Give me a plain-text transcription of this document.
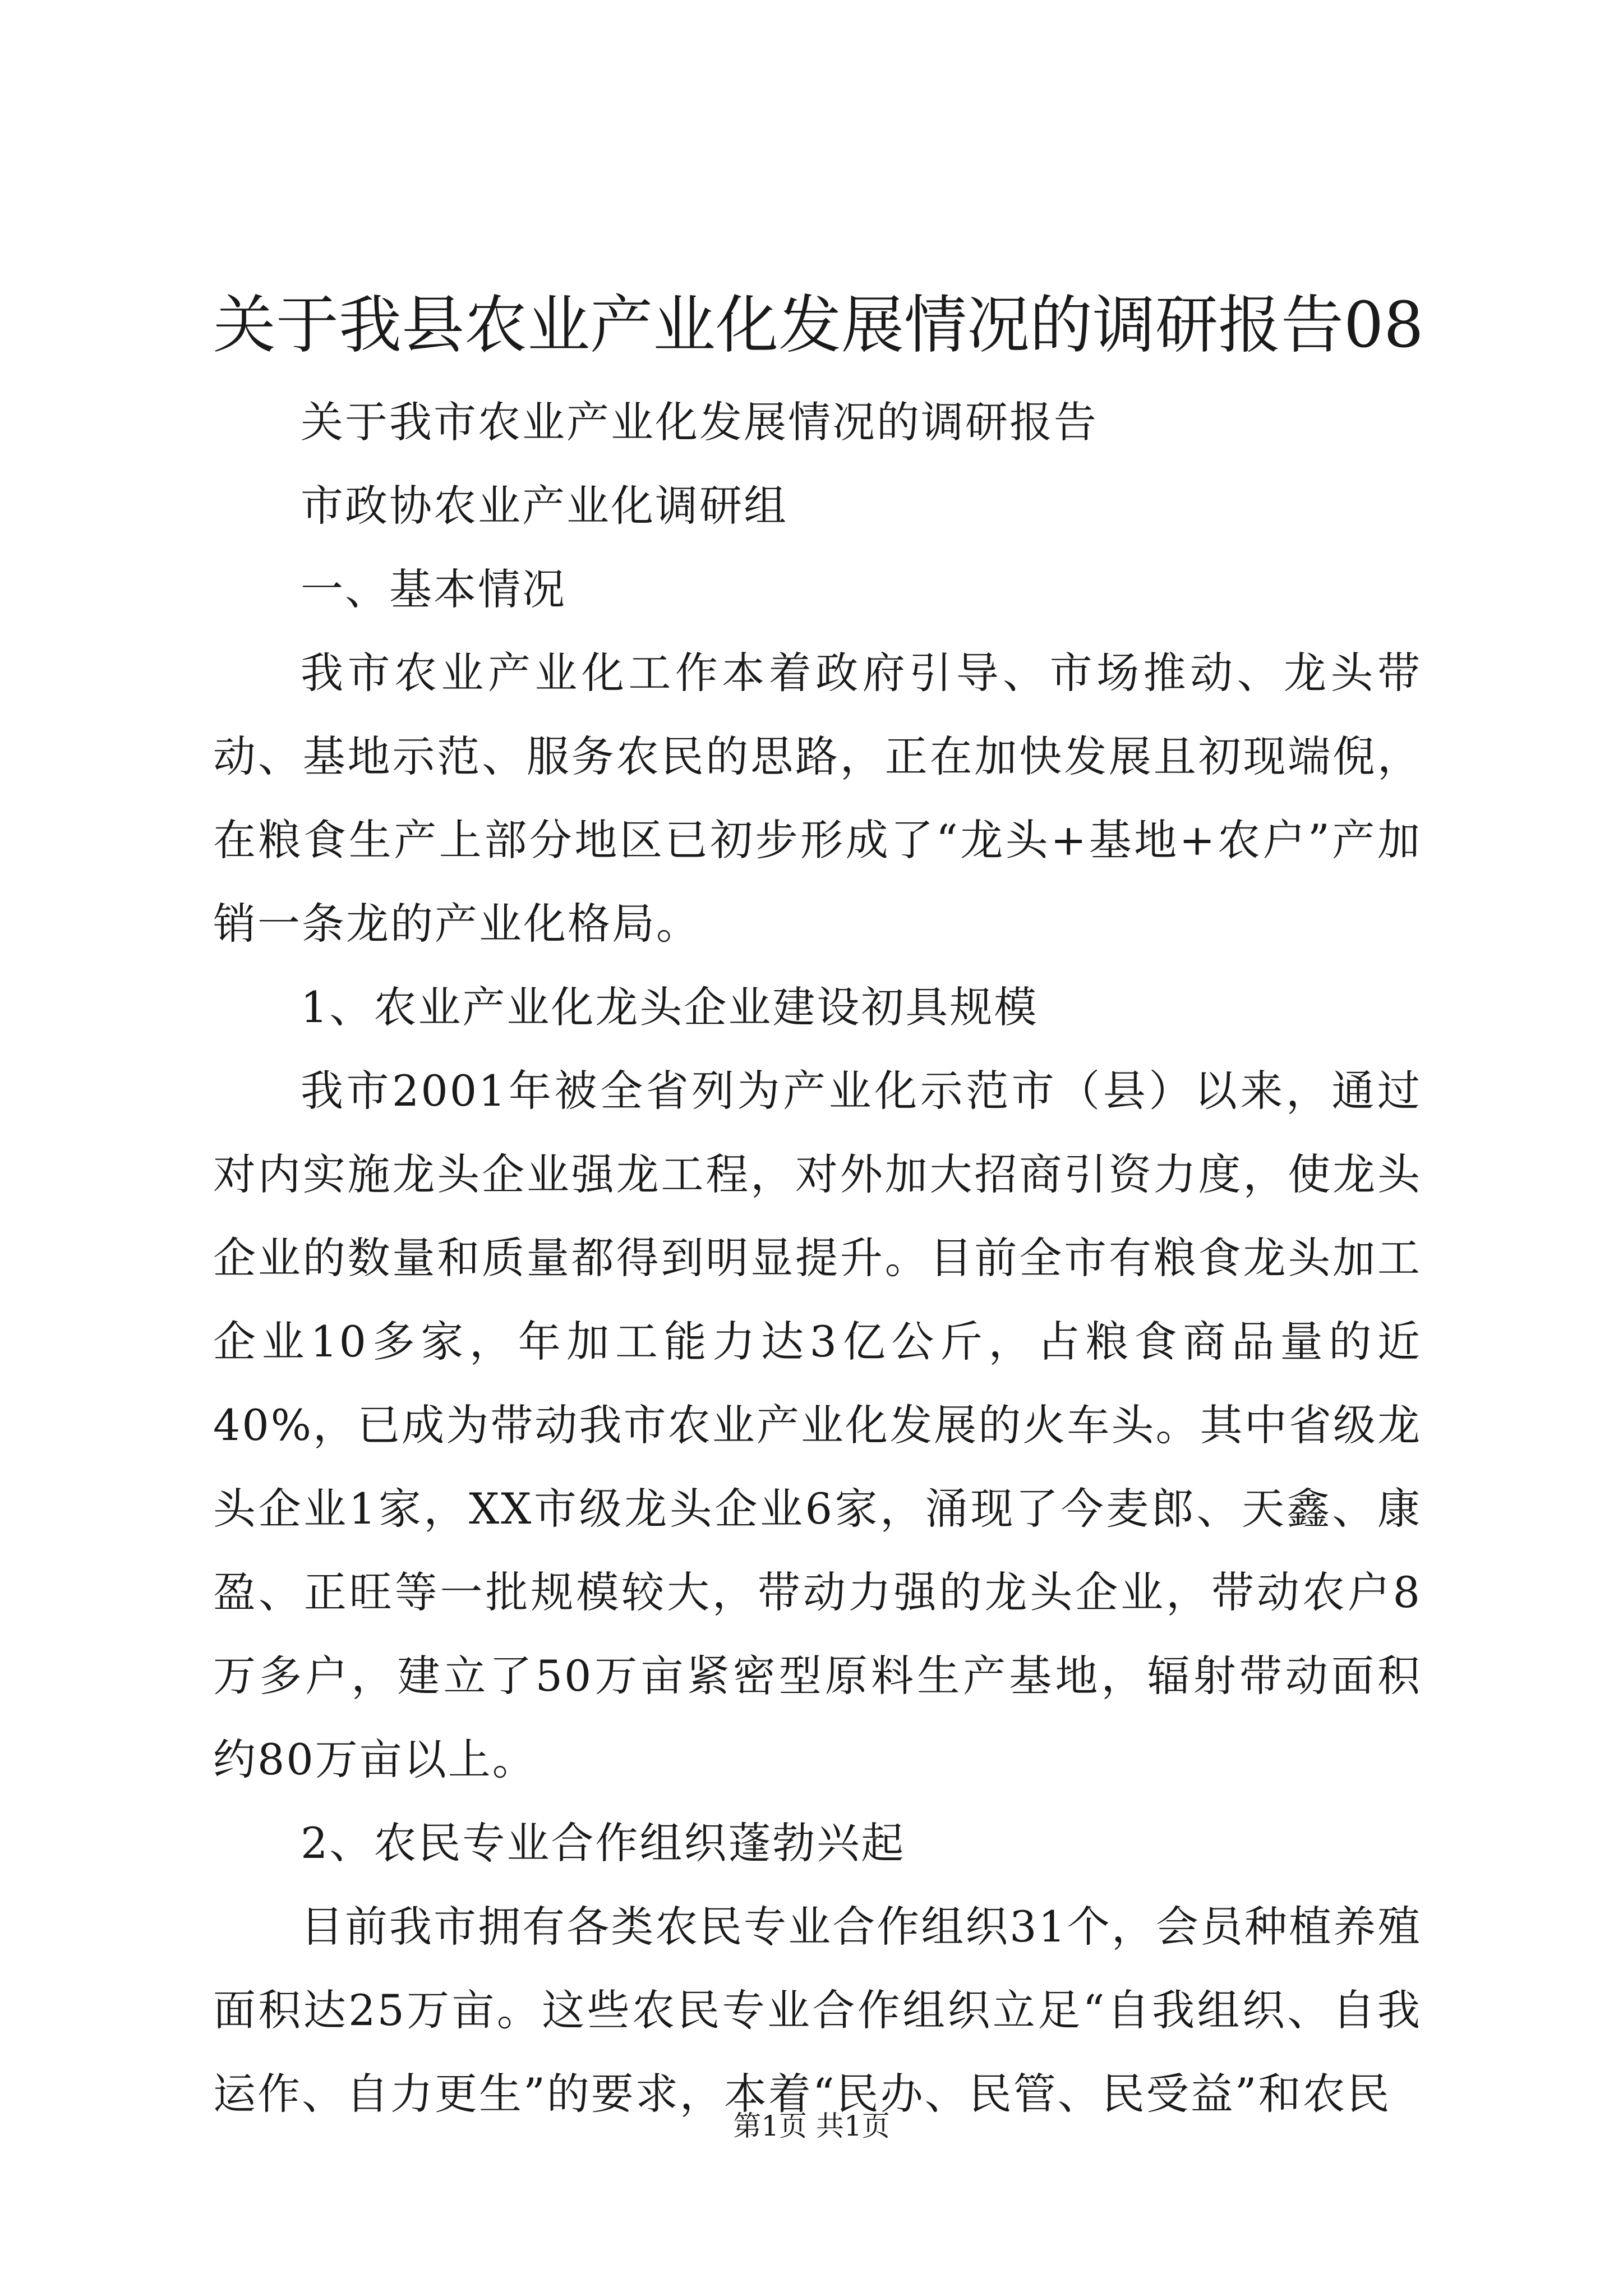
关于我县农业产业化发展情况的调研报告08

关于我市农业产业化发展情况的调研报告

市政协农业产业化调研组

一、基本情况

我市农业产业化工作本着政府引导、市场推动、龙头带动、基地示范、服务农民的思路，正在加快发展且初现端倪，在粮食生产上部分地区已初步形成了“龙头+基地+农户”产加销一条龙的产业化格局。

1、农业产业化龙头企业建设初具规模

我市2001年被全省列为产业化示范市（县）以来，通过对内实施龙头企业强龙工程，对外加大招商引资力度，使龙头企业的数量和质量都得到明显提升。目前全市有粮食龙头加工企业10多家，年加工能力达3亿公斤，占粮食商品量的近40%，已成为带动我市农业产业化发展的火车头。其中省级龙头企业1家，XX市级龙头企业6家，涌现了今麦郎、天鑫、康盈、正旺等一批规模较大，带动力强的龙头企业，带动农户8万多户，建立了50万亩紧密型原料生产基地，辐射带动面积约80万亩以上。

2、农民专业合作组织蓬勃兴起

目前我市拥有各类农民专业合作组织31个，会员种植养殖面积达25万亩。这些农民专业合作组织立足“自我组织、自我运作、自力更生”的要求，本着“民办、民管、民受益”和农民

第1页 共1页
